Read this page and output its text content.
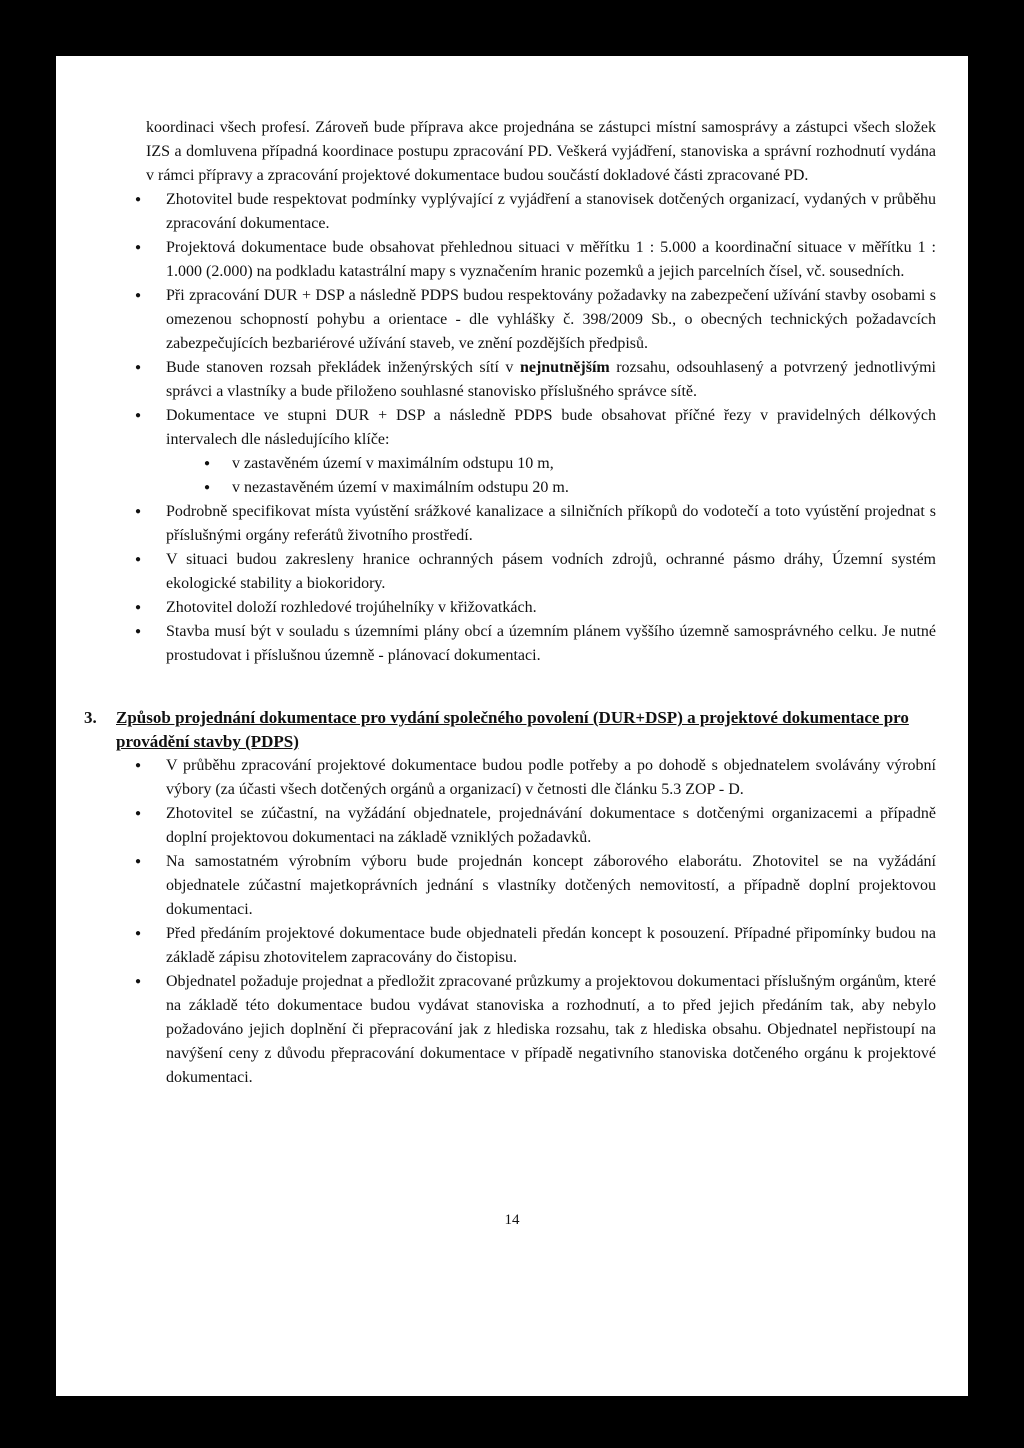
koordinaci všech profesí. Zároveň bude příprava akce projednána se zástupci místní samosprávy a zástupci všech složek IZS a domluvena případná koordinace postupu zpracování PD. Veškerá vyjádření, stanoviska a správní rozhodnutí vydána v rámci přípravy a zpracování projektové dokumentace budou součástí dokladové části zpracované PD.

● Zhotovitel bude respektovat podmínky vyplývající z vyjádření a stanovisek dotčených organizací, vydaných v průběhu zpracování dokumentace.
● Projektová dokumentace bude obsahovat přehlednou situaci v měřítku 1 : 5.000 a koordinační situace v měřítku 1 : 1.000 (2.000) na podkladu katastrální mapy s vyznačením hranic pozemků a jejich parcelních čísel, vč. sousedních.
● Při zpracování DUR + DSP a následně PDPS budou respektovány požadavky na zabezpečení užívání stavby osobami s omezenou schopností pohybu a orientace - dle vyhlášky č. 398/2009 Sb., o obecných technických požadavcích zabezpečujících bezbariérové užívání staveb, ve znění pozdějších předpisů.
● Bude stanoven rozsah překládek inženýrských sítí v nejnutnějším rozsahu, odsouhlasený a potvrzený jednotlivými správci a vlastníky a bude přiloženo souhlasné stanovisko příslušného správce sítě.
● Dokumentace ve stupni DUR + DSP a následně PDPS bude obsahovat příčné řezy v pravidelných délkových intervalech dle následujícího klíče:
● v zastavěném území v maximálním odstupu 10 m,
● v nezastavěném území v maximálním odstupu 20 m.
● Podrobně specifikovat místa vyústění srážkové kanalizace a silničních příkopů do vodotečí a toto vyústění projednat s příslušnými orgány referátů životního prostředí.
● V situaci budou zakresleny hranice ochranných pásem vodních zdrojů, ochranné pásmo dráhy, Územní systém ekologické stability a biokoridory.
● Zhotovitel doloží rozhledové trojúhelníky v křižovatkách.
● Stavba musí být v souladu s územními plány obcí a územním plánem vyššího územně samosprávného celku. Je nutné prostudovat i příslušnou územně - plánovací dokumentaci.
3. Způsob projednání dokumentace pro vydání společného povolení (DUR+DSP) a projektové dokumentace pro provádění stavby (PDPS)
● V průběhu zpracování projektové dokumentace budou podle potřeby a po dohodě s objednatelem svolávány výrobní výbory (za účasti všech dotčených orgánů a organizací) v četnosti dle článku 5.3 ZOP - D.
● Zhotovitel se zúčastní, na vyžádání objednatele, projednávání dokumentace s dotčenými organizacemi a případně doplní projektovou dokumentaci na základě vzniklých požadavků.
● Na samostatném výrobním výboru bude projednán koncept záborového elaborátu. Zhotovitel se na vyžádání objednatele zúčastní majetkoprávních jednání s vlastníky dotčených nemovitostí, a případně doplní projektovou dokumentaci.
● Před předáním projektové dokumentace bude objednateli předán koncept k posouzení. Případné připomínky budou na základě zápisu zhotovitelem zapracovány do čistopisu.
● Objednatel požaduje projednat a předložit zpracované průzkumy a projektovou dokumentaci příslušným orgánům, které na základě této dokumentace budou vydávat stanoviska a rozhodnutí, a to před jejich předáním tak, aby nebylo požadováno jejich doplnění či přepracování jak z hlediska rozsahu, tak z hlediska obsahu. Objednatel nepřistoupí na navýšení ceny z důvodu přepracování dokumentace v případě negativního stanoviska dotčeného orgánu k projektové dokumentaci.
14
